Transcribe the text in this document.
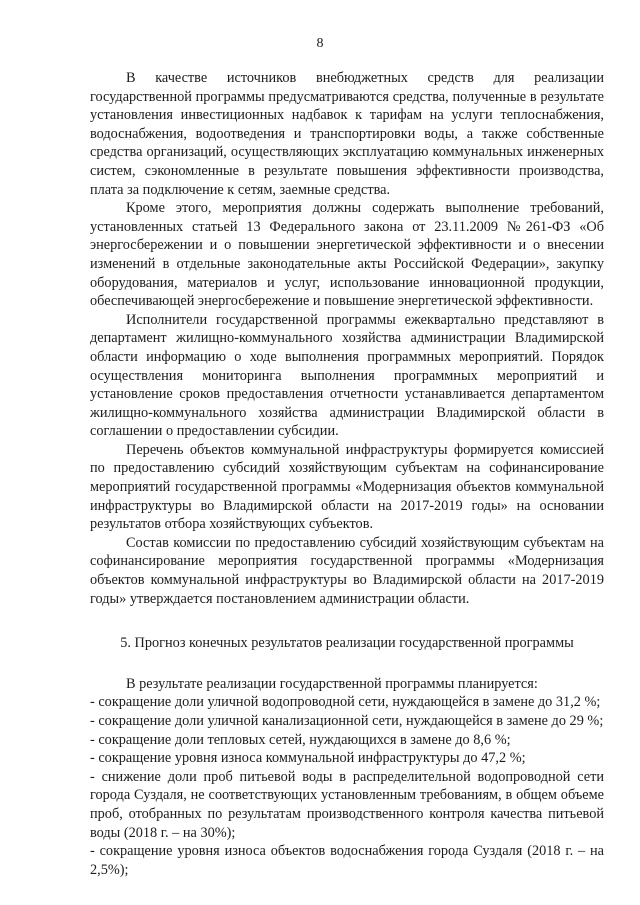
8

В качестве источников внебюджетных средств для реализации государственной программы предусматриваются средства, полученные в результате установления инвестиционных надбавок к тарифам на услуги теплоснабжения, водоснабжения, водоотведения и транспортировки воды, а также собственные средства организаций, осуществляющих эксплуатацию коммунальных инженерных систем, сэкономленные в результате повышения эффективности производства, плата за подключение к сетям, заемные средства.

Кроме этого, мероприятия должны содержать выполнение требований, установленных статьей 13 Федерального закона от 23.11.2009 №261-ФЗ «Об энергосбережении и о повышении энергетической эффективности и о внесении изменений в отдельные законодательные акты Российской Федерации», закупку оборудования, материалов и услуг, использование инновационной продукции, обеспечивающей энергосбережение и повышение энергетической эффективности.

Исполнители государственной программы ежеквартально представляют в департамент жилищно-коммунального хозяйства администрации Владимирской области информацию о ходе выполнения программных мероприятий. Порядок осуществления мониторинга выполнения программных мероприятий и установление сроков предоставления отчетности устанавливается департаментом жилищно-коммунального хозяйства администрации Владимирской области в соглашении о предоставлении субсидии.

Перечень объектов коммунальной инфраструктуры формируется комиссией по предоставлению субсидий хозяйствующим субъектам на софинансирование мероприятий государственной программы «Модернизация объектов коммунальной инфраструктуры во Владимирской области на 2017-2019 годы» на основании результатов отбора хозяйствующих субъектов.

Состав комиссии по предоставлению субсидий хозяйствующим субъектам на софинансирование мероприятия государственной программы «Модернизация объектов коммунальной инфраструктуры во Владимирской области на 2017-2019 годы» утверждается постановлением администрации области.

5. Прогноз конечных результатов реализации государственной программы

В результате реализации государственной программы планируется:

- сокращение доли уличной водопроводной сети, нуждающейся в замене до 31,2 %;
- сокращение доли уличной канализационной сети, нуждающейся в замене до 29 %;
- сокращение доли тепловых сетей, нуждающихся в замене до 8,6 %;
- сокращение уровня износа коммунальной инфраструктуры до 47,2 %;
- снижение доли проб питьевой воды в распределительной водопроводной сети города Суздаля, не соответствующих установленным требованиям, в общем объеме проб, отобранных по результатам производственного контроля качества питьевой воды (2018 г. – на 30%);
- сокращение уровня износа объектов водоснабжения города Суздаля (2018 г. – на 2,5%);
